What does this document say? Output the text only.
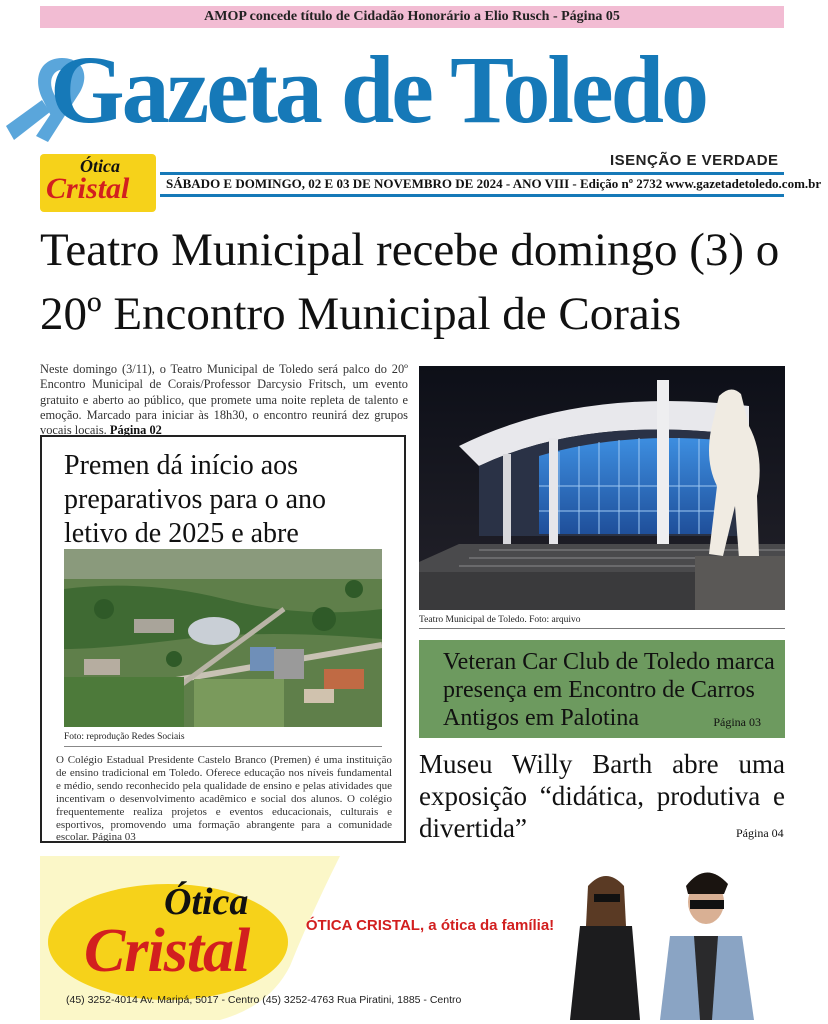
AMOP concede título de Cidadão Honorário a Elio Rusch - Página 05
Gazeta de Toledo
ISENÇÃO E VERDADE
SÁBADO E DOMINGO, 02 E 03 DE NOVEMBRO DE 2024 - ANO VIII - Edição nº 2732 www.gazetadetoledo.com.br
Ótica
Cristal
Teatro Municipal recebe domingo (3) o 20º Encontro Municipal de Corais
Neste domingo (3/11), o Teatro Municipal de Toledo será palco do 20º Encontro Municipal de Corais/Professor Darcysio Fritsch, um evento gratuito e aberto ao público, que promete uma noite repleta de talento e emoção. Marcado para iniciar às 18h30, o encontro reunirá dez grupos vocais locais. Página 02
Teatro Municipal de Toledo. Foto: arquivo
Premen dá início aos preparativos para o ano letivo de 2025 e abre
Foto: reprodução Redes Sociais
O Colégio Estadual Presidente Castelo Branco (Premen) é uma instituição de ensino tradicional em Toledo. Oferece educação nos níveis fundamental e médio, sendo reconhecido pela qualidade de ensino e pelas atividades que incentivam o desenvolvimento acadêmico e social dos alunos. O colégio frequentemente realiza projetos e eventos educacionais, culturais e esportivos, promovendo uma formação abrangente para a comunidade escolar. Página 03
Veteran Car Club de Toledo marca presença em Encontro de Carros Antigos em Palotina	Página 03
Museu Willy Barth abre uma exposição “didática, produtiva e divertida”	Página 04
Ótica
Cristal	ÓTICA CRISTAL, a ótica da família!
(45) 3252-4014 Av. Maripá, 5017 - Centro (45) 3252-4763 Rua Piratini, 1885 - Centro
